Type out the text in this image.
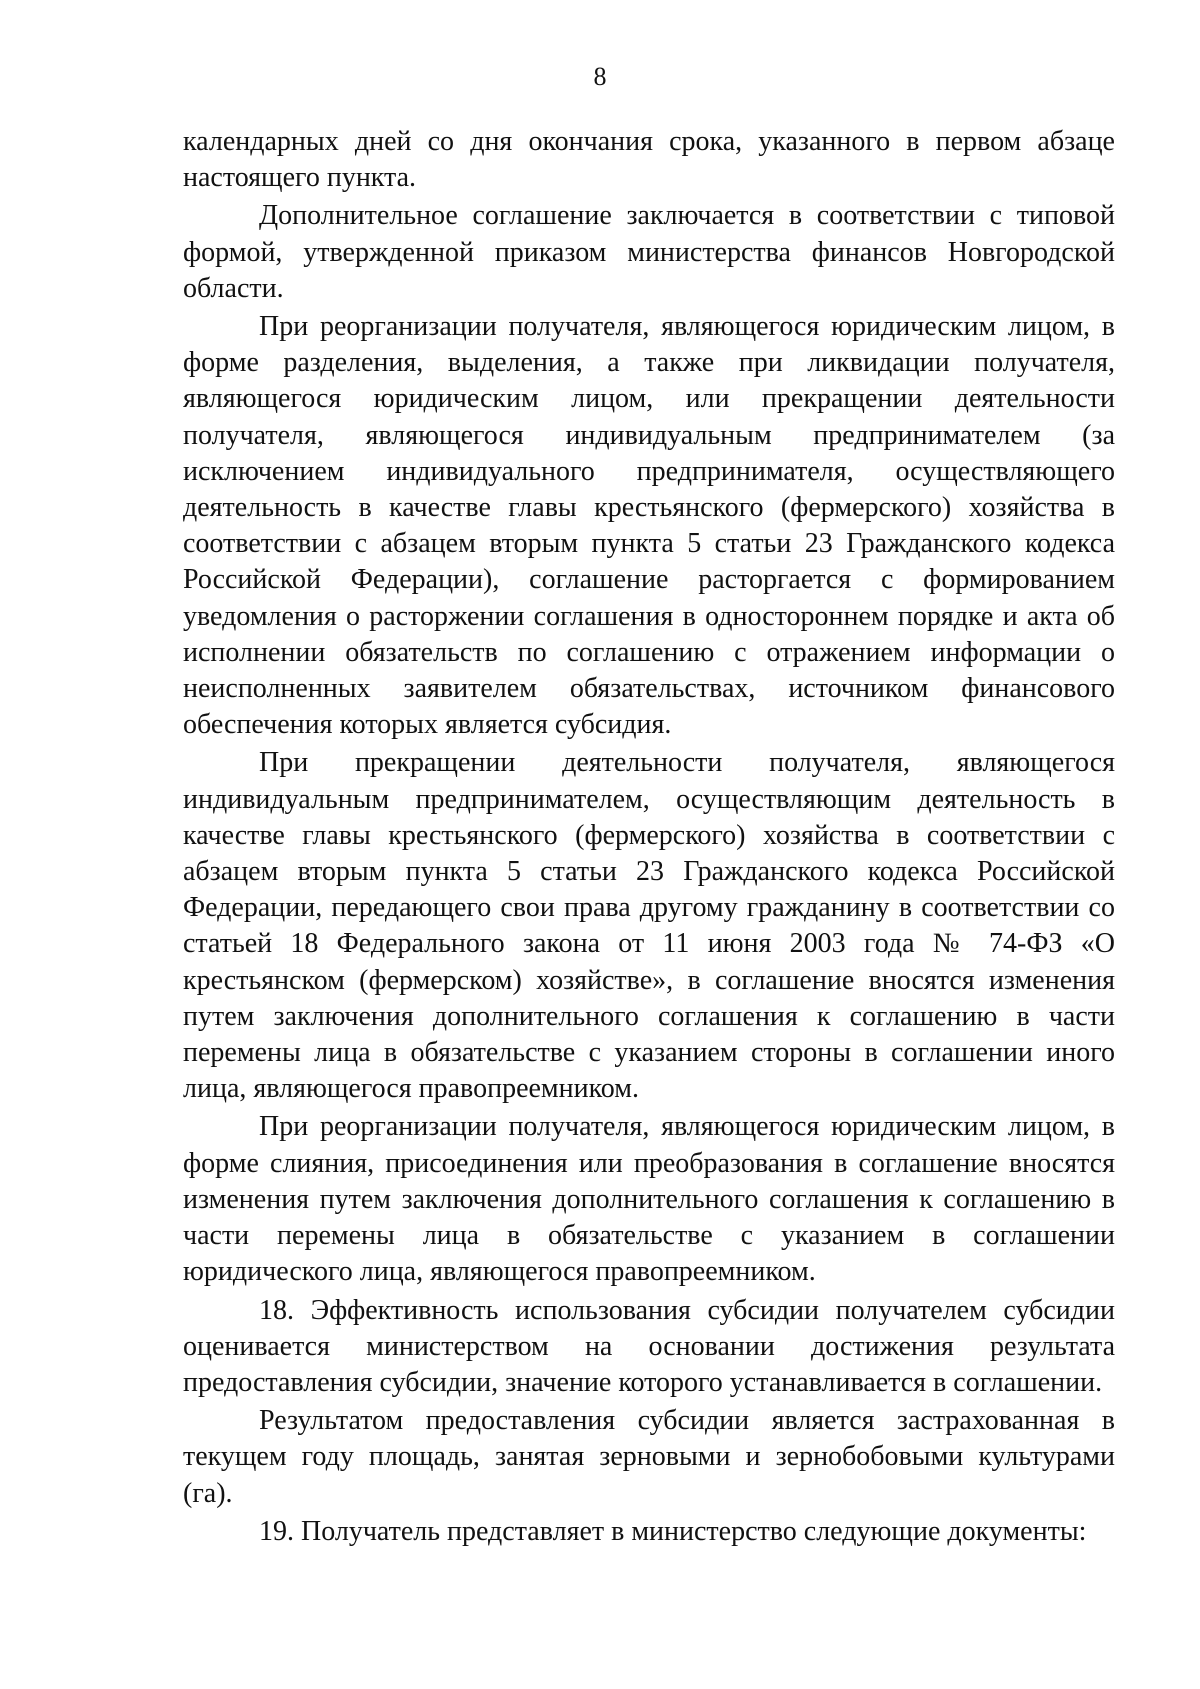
8

календарных дней со дня окончания срока, указанного в первом абзаце настоящего пункта.

Дополнительное соглашение заключается в соответствии с типовой формой, утвержденной приказом министерства финансов Новгородской области.

При реорганизации получателя, являющегося юридическим лицом, в форме разделения, выделения, а также при ликвидации получателя, являющегося юридическим лицом, или прекращении деятельности получателя, являющегося индивидуальным предпринимателем (за исключением индивидуального предпринимателя, осуществляющего деятельность в качестве главы крестьянского (фермерского) хозяйства в соответствии с абзацем вторым пункта 5 статьи 23 Гражданского кодекса Российской Федерации), соглашение расторгается с формированием уведомления о расторжении соглашения в одностороннем порядке и акта об исполнении обязательств по соглашению с отражением информации о неисполненных заявителем обязательствах, источником финансового обеспечения которых является субсидия.

При прекращении деятельности получателя, являющегося индивидуальным предпринимателем, осуществляющим деятельность в качестве главы крестьянского (фермерского) хозяйства в соответствии с абзацем вторым пункта 5 статьи 23 Гражданского кодекса Российской Федерации, передающего свои права другому гражданину в соответствии со статьей 18 Федерального закона от 11 июня 2003 года № 74-ФЗ «О крестьянском (фермерском) хозяйстве», в соглашение вносятся изменения путем заключения дополнительного соглашения к соглашению в части перемены лица в обязательстве с указанием стороны в соглашении иного лица, являющегося правопреемником.

При реорганизации получателя, являющегося юридическим лицом, в форме слияния, присоединения или преобразования в соглашение вносятся изменения путем заключения дополнительного соглашения к соглашению в части перемены лица в обязательстве с указанием в соглашении юридического лица, являющегося правопреемником.

18. Эффективность использования субсидии получателем субсидии оценивается министерством на основании достижения результата предоставления субсидии, значение которого устанавливается в соглашении.

Результатом предоставления субсидии является застрахованная в текущем году площадь, занятая зерновыми и зернобобовыми культурами (га).

19. Получатель представляет в министерство следующие документы:
